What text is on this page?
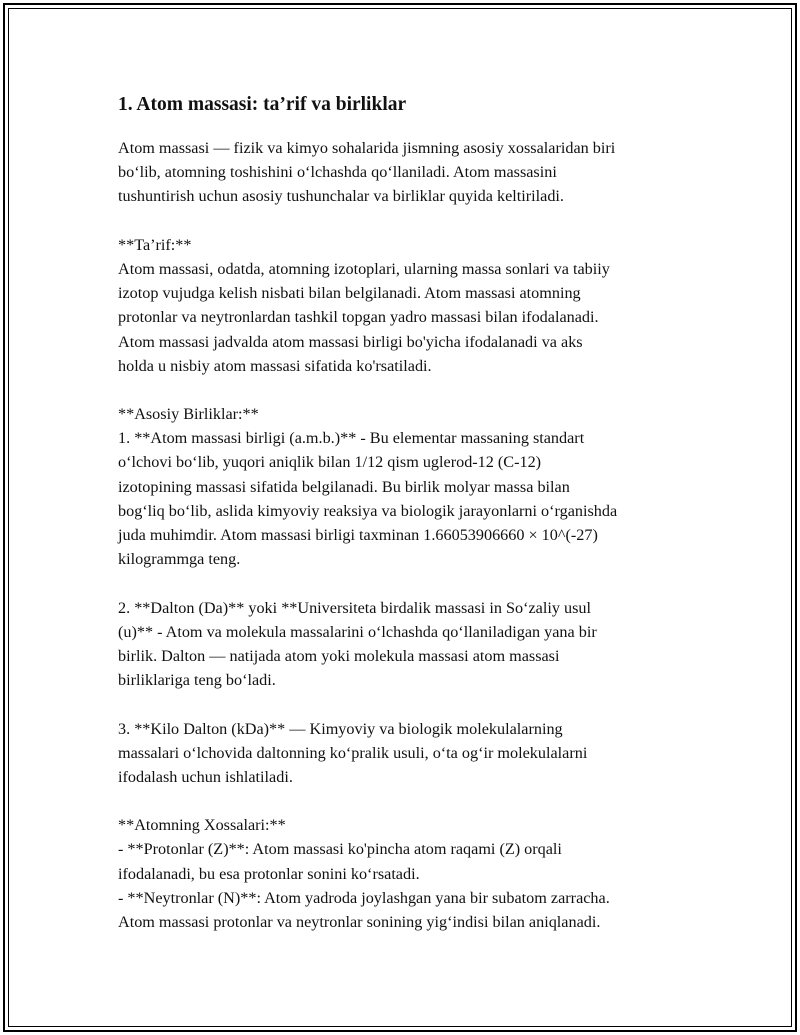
1. Atom massasi: ta’rif va birliklar
Atom massasi — fizik va kimyo sohalarida jismning asosiy xossalaridan biri
bo‘lib, atomning toshishini o‘lchashda qo‘llaniladi. Atom massasini
tushuntirish uchun asosiy tushunchalar va birliklar quyida keltiriladi.
**Ta’rif:**
Atom massasi, odatda, atomning izotoplari, ularning massa sonlari va tabiiy
izotop vujudga kelish nisbati bilan belgilanadi. Atom massasi atomning
protonlar va neytronlardan tashkil topgan yadro massasi bilan ifodalanadi.
Atom massasi jadvalda atom massasi birligi bo'yicha ifodalanadi va aks
holda u nisbiy atom massasi sifatida ko'rsatiladi.
**Asosiy Birliklar:**
1. **Atom massasi birligi (a.m.b.)** - Bu elementar massaning standart
o‘lchovi bo‘lib, yuqori aniqlik bilan 1/12 qism uglerod-12 (C-12)
izotopining massasi sifatida belgilanadi. Bu birlik molyar massa bilan
bog‘liq bo‘lib, aslida kimyoviy reaksiya va biologik jarayonlarni o‘rganishda
juda muhimdir. Atom massasi birligi taxminan 1.66053906660 × 10^(-27)
kilogrammga teng.
2. **Dalton (Da)** yoki **Universiteta birdalik massasi in So‘zaliy usul
(u)** - Atom va molekula massalarini o‘lchashda qo‘llaniladigan yana bir
birlik. Dalton — natijada atom yoki molekula massasi atom massasi
birliklariga teng bo‘ladi.
3. **Kilo Dalton (kDa)** — Kimyoviy va biologik molekulalarning
massalari o‘lchovida daltonning ko‘pralik usuli, o‘ta og‘ir molekulalarni
ifodalash uchun ishlatiladi.
**Atomning Xossalari:**
- **Protonlar (Z)**: Atom massasi ko'pincha atom raqami (Z) orqali
ifodalanadi, bu esa protonlar sonini ko‘rsatadi.
- **Neytronlar (N)**: Atom yadroda joylashgan yana bir subatom zarracha.
Atom massasi protonlar va neytronlar sonining yig‘indisi bilan aniqlanadi.
